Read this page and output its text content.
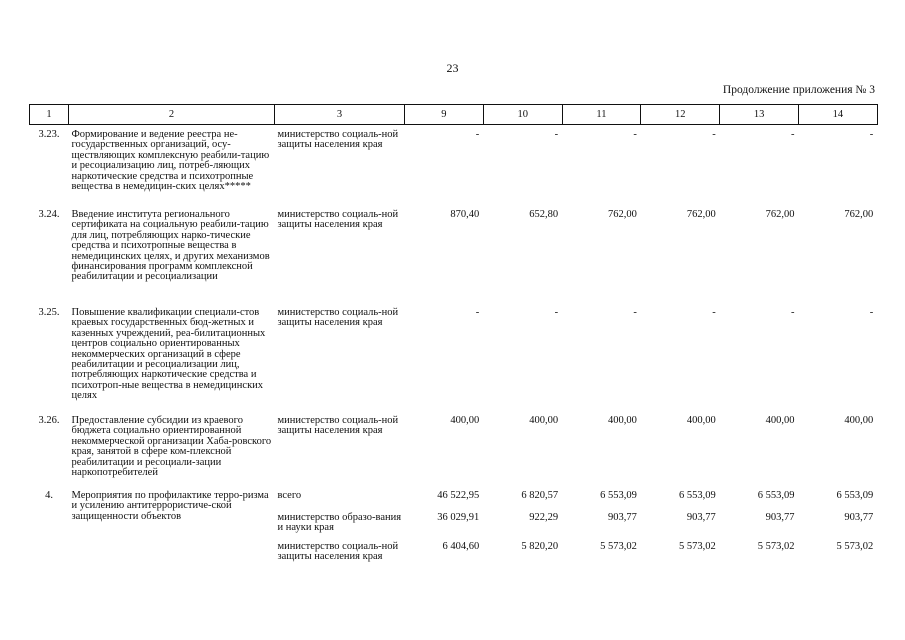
23
Продолжение приложения № 3
1	2	3	9	10	11	12	13	14
3.23.	Формирование и ведение реестра не-государственных организаций, осу-ществляющих комплексную реабили-тацию и ресоциализацию лиц, потреб-ляющих наркотические средства и психотропные вещества в немедицин-ских целях*****	министерство социаль-ной защиты населения края	-	-	-	-	-	-
3.24.	Введение института регионального сертификата на социальную реабили-тацию для лиц, потребляющих нарко-тические средства и психотропные вещества в немедицинских целях, и других механизмов финансирования программ комплексной реабилитации и ресоциализации	министерство социаль-ной защиты населения края	870,40	652,80	762,00	762,00	762,00	762,00
3.25.	Повышение квалификации специали-стов краевых государственных бюд-жетных и казенных учреждений, реа-билитационных центров социально ориентированных некоммерческих организаций в сфере реабилитации и ресоциализации лиц, потребляющих наркотические средства и психотроп-ные вещества в немедицинских целях	министерство социаль-ной защиты населения края	-	-	-	-	-	-
3.26.	Предоставление субсидии из краевого бюджета социально ориентированной некоммерческой организации Хаба-ровского края, занятой в сфере ком-плексной реабилитации и ресоциали-зации наркопотребителей	министерство социаль-ной защиты населения края	400,00	400,00	400,00	400,00	400,00	400,00
4.	Мероприятия по профилактике терро-ризма и усилению антитеррористиче-ской защищенности объектов	всего	46 522,95	6 820,57	6 553,09	6 553,09	6 553,09	6 553,09
		министерство образо-вания и науки края	36 029,91	922,29	903,77	903,77	903,77	903,77
		министерство социаль-ной защиты населения края	6 404,60	5 820,20	5 573,02	5 573,02	5 573,02	5 573,02
